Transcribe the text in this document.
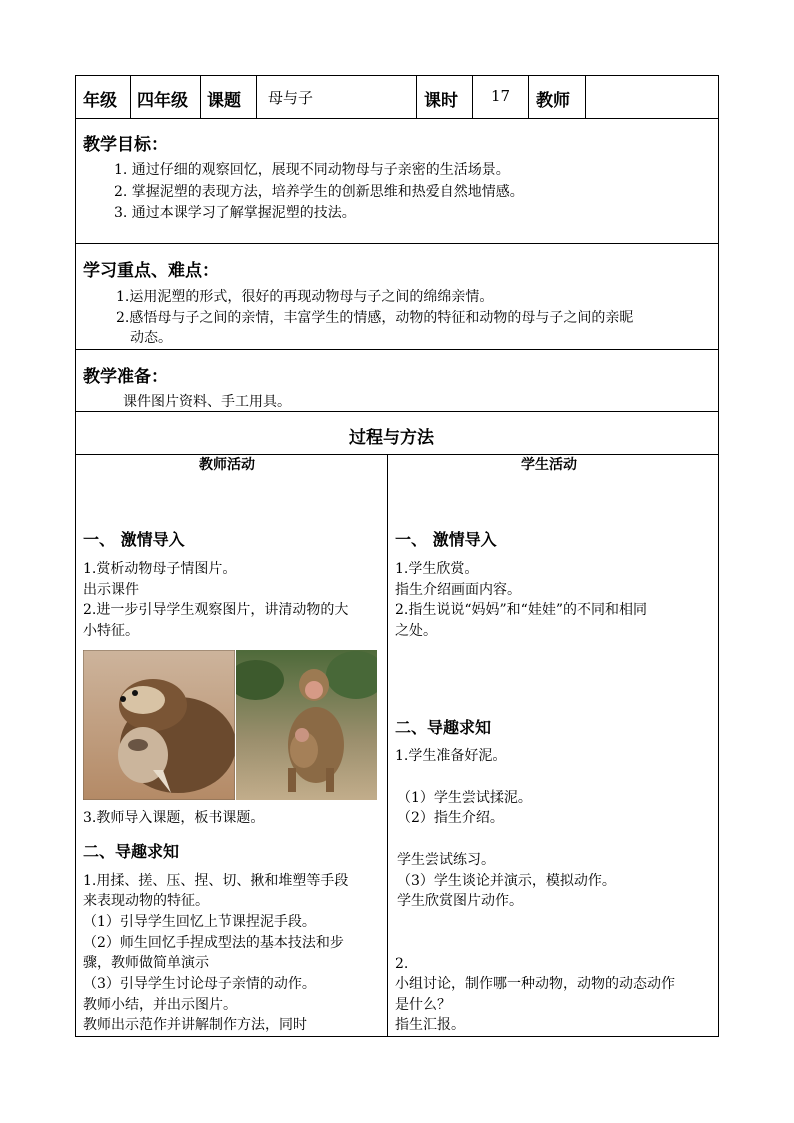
年级 四年级 课题 母与子	课时 17 教师
教学目标：
1. 通过仔细的观察回忆，展现不同动物母与子亲密的生活场景。
2. 掌握泥塑的表现方法，培养学生的创新思维和热爱自然地情感。
3. 通过本课学习了解掌握泥塑的技法。
学习重点、难点：
1.运用泥塑的形式，很好的再现动物母与子之间的绵绵亲情。
2.感悟母与子之间的亲情，丰富学生的情感，动物的特征和动物的母与子之间的亲昵
动态。
教学准备：
课件图片资料、手工用具。
过程与方法
教师活动	学生活动
一、 激情导入
1.赏析动物母子情图片。
出示课件
2.进一步引导学生观察图片，讲清动物的大
小特征。
3.教师导入课题，板书课题。
二、导趣求知
1.用揉、搓、压、捏、切、揪和堆塑等手段
来表现动物的特征。
（1）引导学生回忆上节课捏泥手段。
（2）师生回忆手捏成型法的基本技法和步
骤，教师做简单演示
（3）引导学生讨论母子亲情的动作。
教师小结，并出示图片。
教师出示范作并讲解制作方法，同时
一、 激情导入
1.学生欣赏。
指生介绍画面内容。
2.指生说说“妈妈”和“娃娃”的不同和相同
之处。
二、导趣求知
1.学生准备好泥。
（1）学生尝试揉泥。
（2）指生介绍。
学生尝试练习。
（3）学生谈论并演示，模拟动作。
学生欣赏图片动作。
2.
小组讨论，制作哪一种动物，动物的动态动作
是什么？
指生汇报。
